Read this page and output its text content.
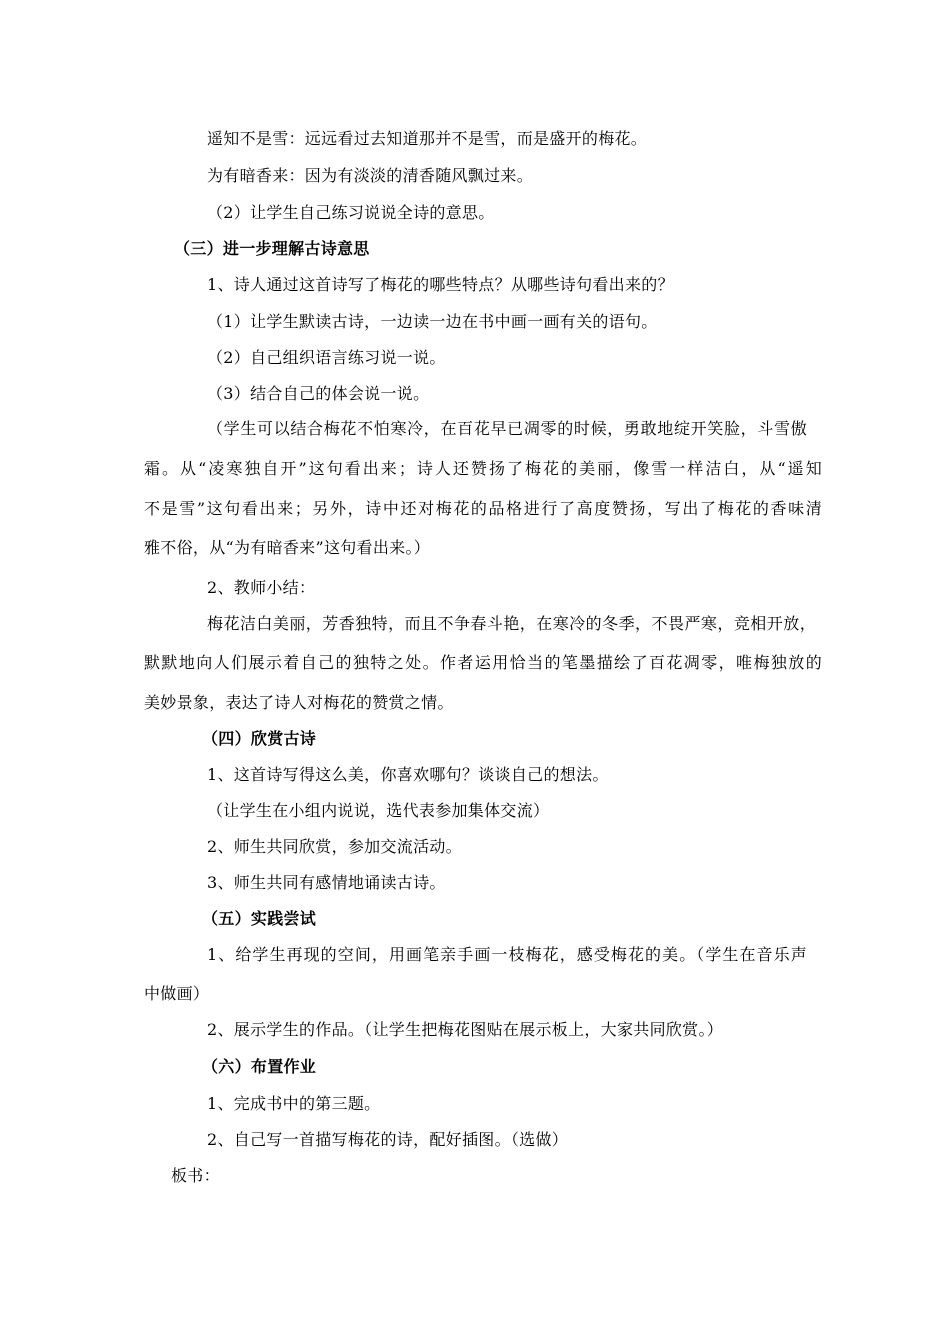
遥知不是雪：远远看过去知道那并不是雪，而是盛开的梅花。
为有暗香来：因为有淡淡的清香随风飘过来。
（2）让学生自己练习说说全诗的意思。
（三）进一步理解古诗意思
1、诗人通过这首诗写了梅花的哪些特点？从哪些诗句看出来的？
（1）让学生默读古诗，一边读一边在书中画一画有关的语句。
（2）自己组织语言练习说一说。
（3）结合自己的体会说一说。
（学生可以结合梅花不怕寒冷，在百花早已凋零的时候，勇敢地绽开笑脸，斗雪傲
霜。从“凌寒独自开”这句看出来；诗人还赞扬了梅花的美丽，像雪一样洁白，从“遥知
不是雪”这句看出来；另外，诗中还对梅花的品格进行了高度赞扬，写出了梅花的香味清
雅不俗，从“为有暗香来”这句看出来。）
2、教师小结：
梅花洁白美丽，芳香独特，而且不争春斗艳，在寒冷的冬季，不畏严寒，竞相开放，
默默地向人们展示着自己的独特之处。作者运用恰当的笔墨描绘了百花凋零，唯梅独放的
美妙景象，表达了诗人对梅花的赞赏之情。
（四）欣赏古诗
1、这首诗写得这么美，你喜欢哪句？谈谈自己的想法。
（让学生在小组内说说，选代表参加集体交流）
2、师生共同欣赏，参加交流活动。
3、师生共同有感情地诵读古诗。
（五）实践尝试
1、给学生再现的空间，用画笔亲手画一枝梅花，感受梅花的美。（学生在音乐声
中做画）
2、展示学生的作品。（让学生把梅花图贴在展示板上，大家共同欣赏。）
（六）布置作业
1、完成书中的第三题。
2、自己写一首描写梅花的诗，配好插图。（选做）
板书：
